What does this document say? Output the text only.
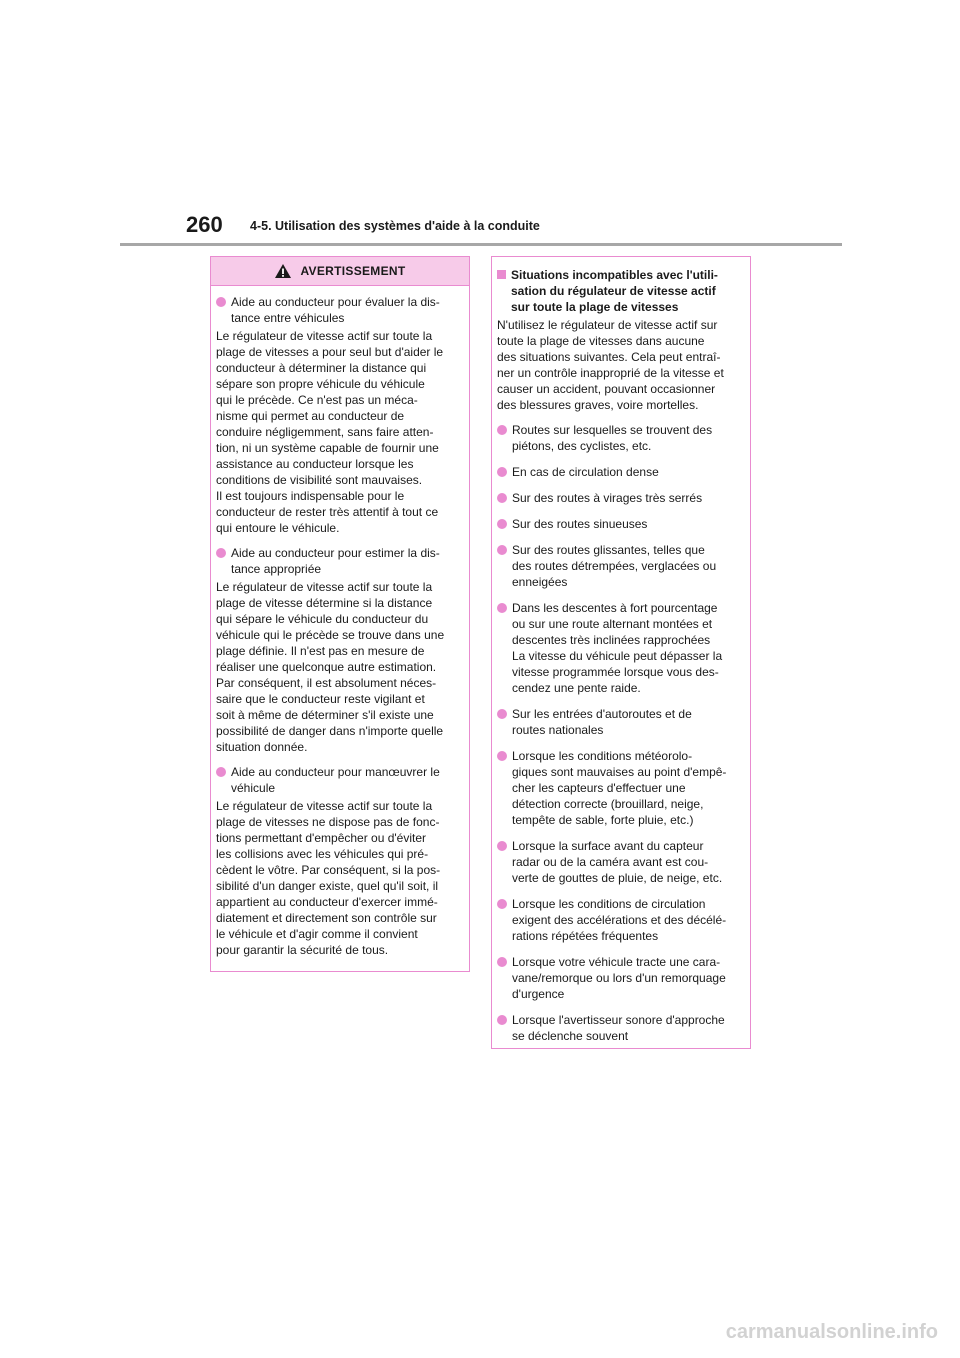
260 4-5. Utilisation des systèmes d'aide à la conduite
AVERTISSEMENT
Aide au conducteur pour évaluer la dis-
tance entre véhicules
Le régulateur de vitesse actif sur toute la
plage de vitesses a pour seul but d'aider le
conducteur à déterminer la distance qui
sépare son propre véhicule du véhicule
qui le précède. Ce n'est pas un méca-
nisme qui permet au conducteur de
conduire négligemment, sans faire atten-
tion, ni un système capable de fournir une
assistance au conducteur lorsque les
conditions de visibilité sont mauvaises.
Il est toujours indispensable pour le
conducteur de rester très attentif à tout ce
qui entoure le véhicule.
Aide au conducteur pour estimer la dis-
tance appropriée
Le régulateur de vitesse actif sur toute la
plage de vitesse détermine si la distance
qui sépare le véhicule du conducteur du
véhicule qui le précède se trouve dans une
plage définie. Il n'est pas en mesure de
réaliser une quelconque autre estimation.
Par conséquent, il est absolument néces-
saire que le conducteur reste vigilant et
soit à même de déterminer s'il existe une
possibilité de danger dans n'importe quelle
situation donnée.
Aide au conducteur pour manœuvrer le
véhicule
Le régulateur de vitesse actif sur toute la
plage de vitesses ne dispose pas de fonc-
tions permettant d'empêcher ou d'éviter
les collisions avec les véhicules qui pré-
cèdent le vôtre. Par conséquent, si la pos-
sibilité d'un danger existe, quel qu'il soit, il
appartient au conducteur d'exercer immé-
diatement et directement son contrôle sur
le véhicule et d'agir comme il convient
pour garantir la sécurité de tous.
Situations incompatibles avec l'utili-
sation du régulateur de vitesse actif
sur toute la plage de vitesses
N'utilisez le régulateur de vitesse actif sur
toute la plage de vitesses dans aucune
des situations suivantes. Cela peut entraî-
ner un contrôle inapproprié de la vitesse et
causer un accident, pouvant occasionner
des blessures graves, voire mortelles.
Routes sur lesquelles se trouvent des
piétons, des cyclistes, etc.
En cas de circulation dense
Sur des routes à virages très serrés
Sur des routes sinueuses
Sur des routes glissantes, telles que
des routes détrempées, verglacées ou
enneigées
Dans les descentes à fort pourcentage
ou sur une route alternant montées et
descentes très inclinées rapprochées
La vitesse du véhicule peut dépasser la
vitesse programmée lorsque vous des-
cendez une pente raide.
Sur les entrées d'autoroutes et de
routes nationales
Lorsque les conditions météorolo-
giques sont mauvaises au point d'empê-
cher les capteurs d'effectuer une
détection correcte (brouillard, neige,
tempête de sable, forte pluie, etc.)
Lorsque la surface avant du capteur
radar ou de la caméra avant est cou-
verte de gouttes de pluie, de neige, etc.
Lorsque les conditions de circulation
exigent des accélérations et des décélé-
rations répétées fréquentes
Lorsque votre véhicule tracte une cara-
vane/remorque ou lors d'un remorquage
d'urgence
Lorsque l'avertisseur sonore d'approche
se déclenche souvent
carmanualsonline.info
